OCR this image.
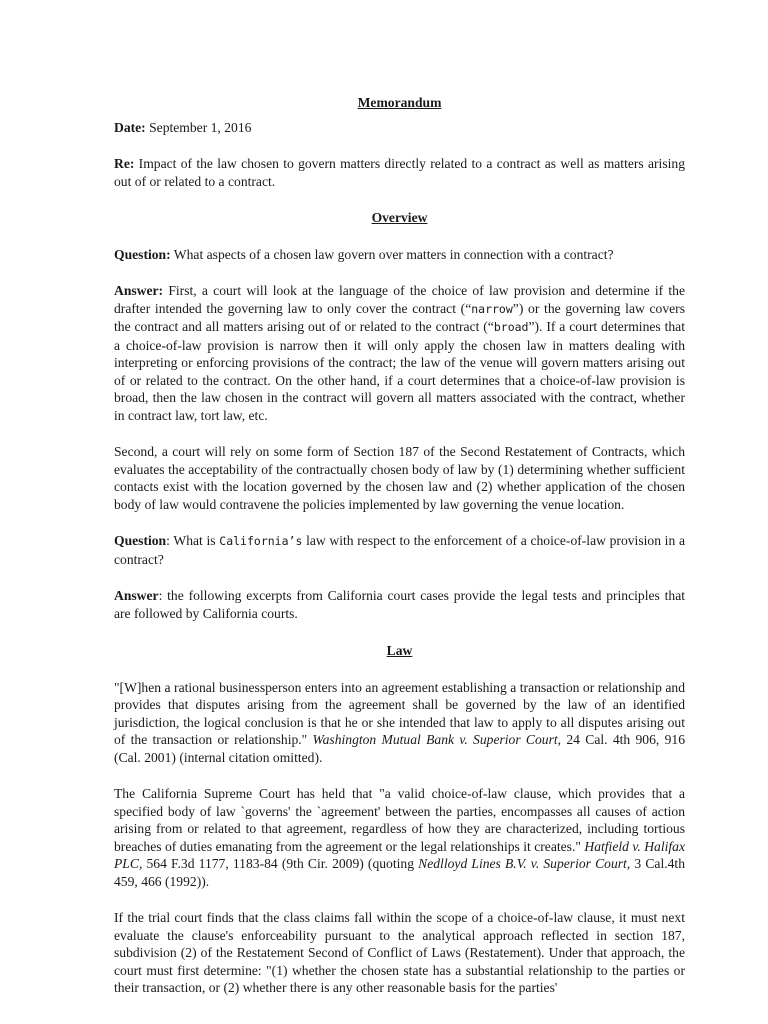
Memorandum

Date: September 1, 2016

Re: Impact of the law chosen to govern matters directly related to a contract as well as matters arising out of or related to a contract.

Overview

Question: What aspects of a chosen law govern over matters in connection with a contract?

Answer: First, a court will look at the language of the choice of law provision and determine if the drafter intended the governing law to only cover the contract (“narrow”) or the governing law covers the contract and all matters arising out of or related to the contract (“broad”). If a court determines that a choice-of-law provision is narrow then it will only apply the chosen law in matters dealing with interpreting or enforcing provisions of the contract; the law of the venue will govern matters arising out of or related to the contract. On the other hand, if a court determines that a choice-of-law provision is broad, then the law chosen in the contract will govern all matters associated with the contract, whether in contract law, tort law, etc.

Second, a court will rely on some form of Section 187 of the Second Restatement of Contracts, which evaluates the acceptability of the contractually chosen body of law by (1) determining whether sufficient contacts exist with the location governed by the chosen law and (2) whether application of the chosen body of law would contravene the policies implemented by law governing the venue location.

Question: What is California’s law with respect to the enforcement of a choice-of-law provision in a contract?

Answer: the following excerpts from California court cases provide the legal tests and principles that are followed by California courts.

Law

"[W]hen a rational businessperson enters into an agreement establishing a transaction or relationship and provides that disputes arising from the agreement shall be governed by the law of an identified jurisdiction, the logical conclusion is that he or she intended that law to apply to all disputes arising out of the transaction or relationship." Washington Mutual Bank v. Superior Court, 24 Cal. 4th 906, 916 (Cal. 2001) (internal citation omitted).

The California Supreme Court has held that "a valid choice-of-law clause, which provides that a specified body of law `governs' the `agreement' between the parties, encompasses all causes of action arising from or related to that agreement, regardless of how they are characterized, including tortious breaches of duties emanating from the agreement or the legal relationships it creates." Hatfield v. Halifax PLC, 564 F.3d 1177, 1183-84 (9th Cir. 2009) (quoting Nedlloyd Lines B.V. v. Superior Court, 3 Cal.4th 459, 466 (1992)).

If the trial court finds that the class claims fall within the scope of a choice-of-law clause, it must next evaluate the clause's enforceability pursuant to the analytical approach reflected in section 187, subdivision (2) of the Restatement Second of Conflict of Laws (Restatement). Under that approach, the court must first determine: "(1) whether the chosen state has a substantial relationship to the parties or their transaction, or (2) whether there is any other reasonable basis for the parties'
